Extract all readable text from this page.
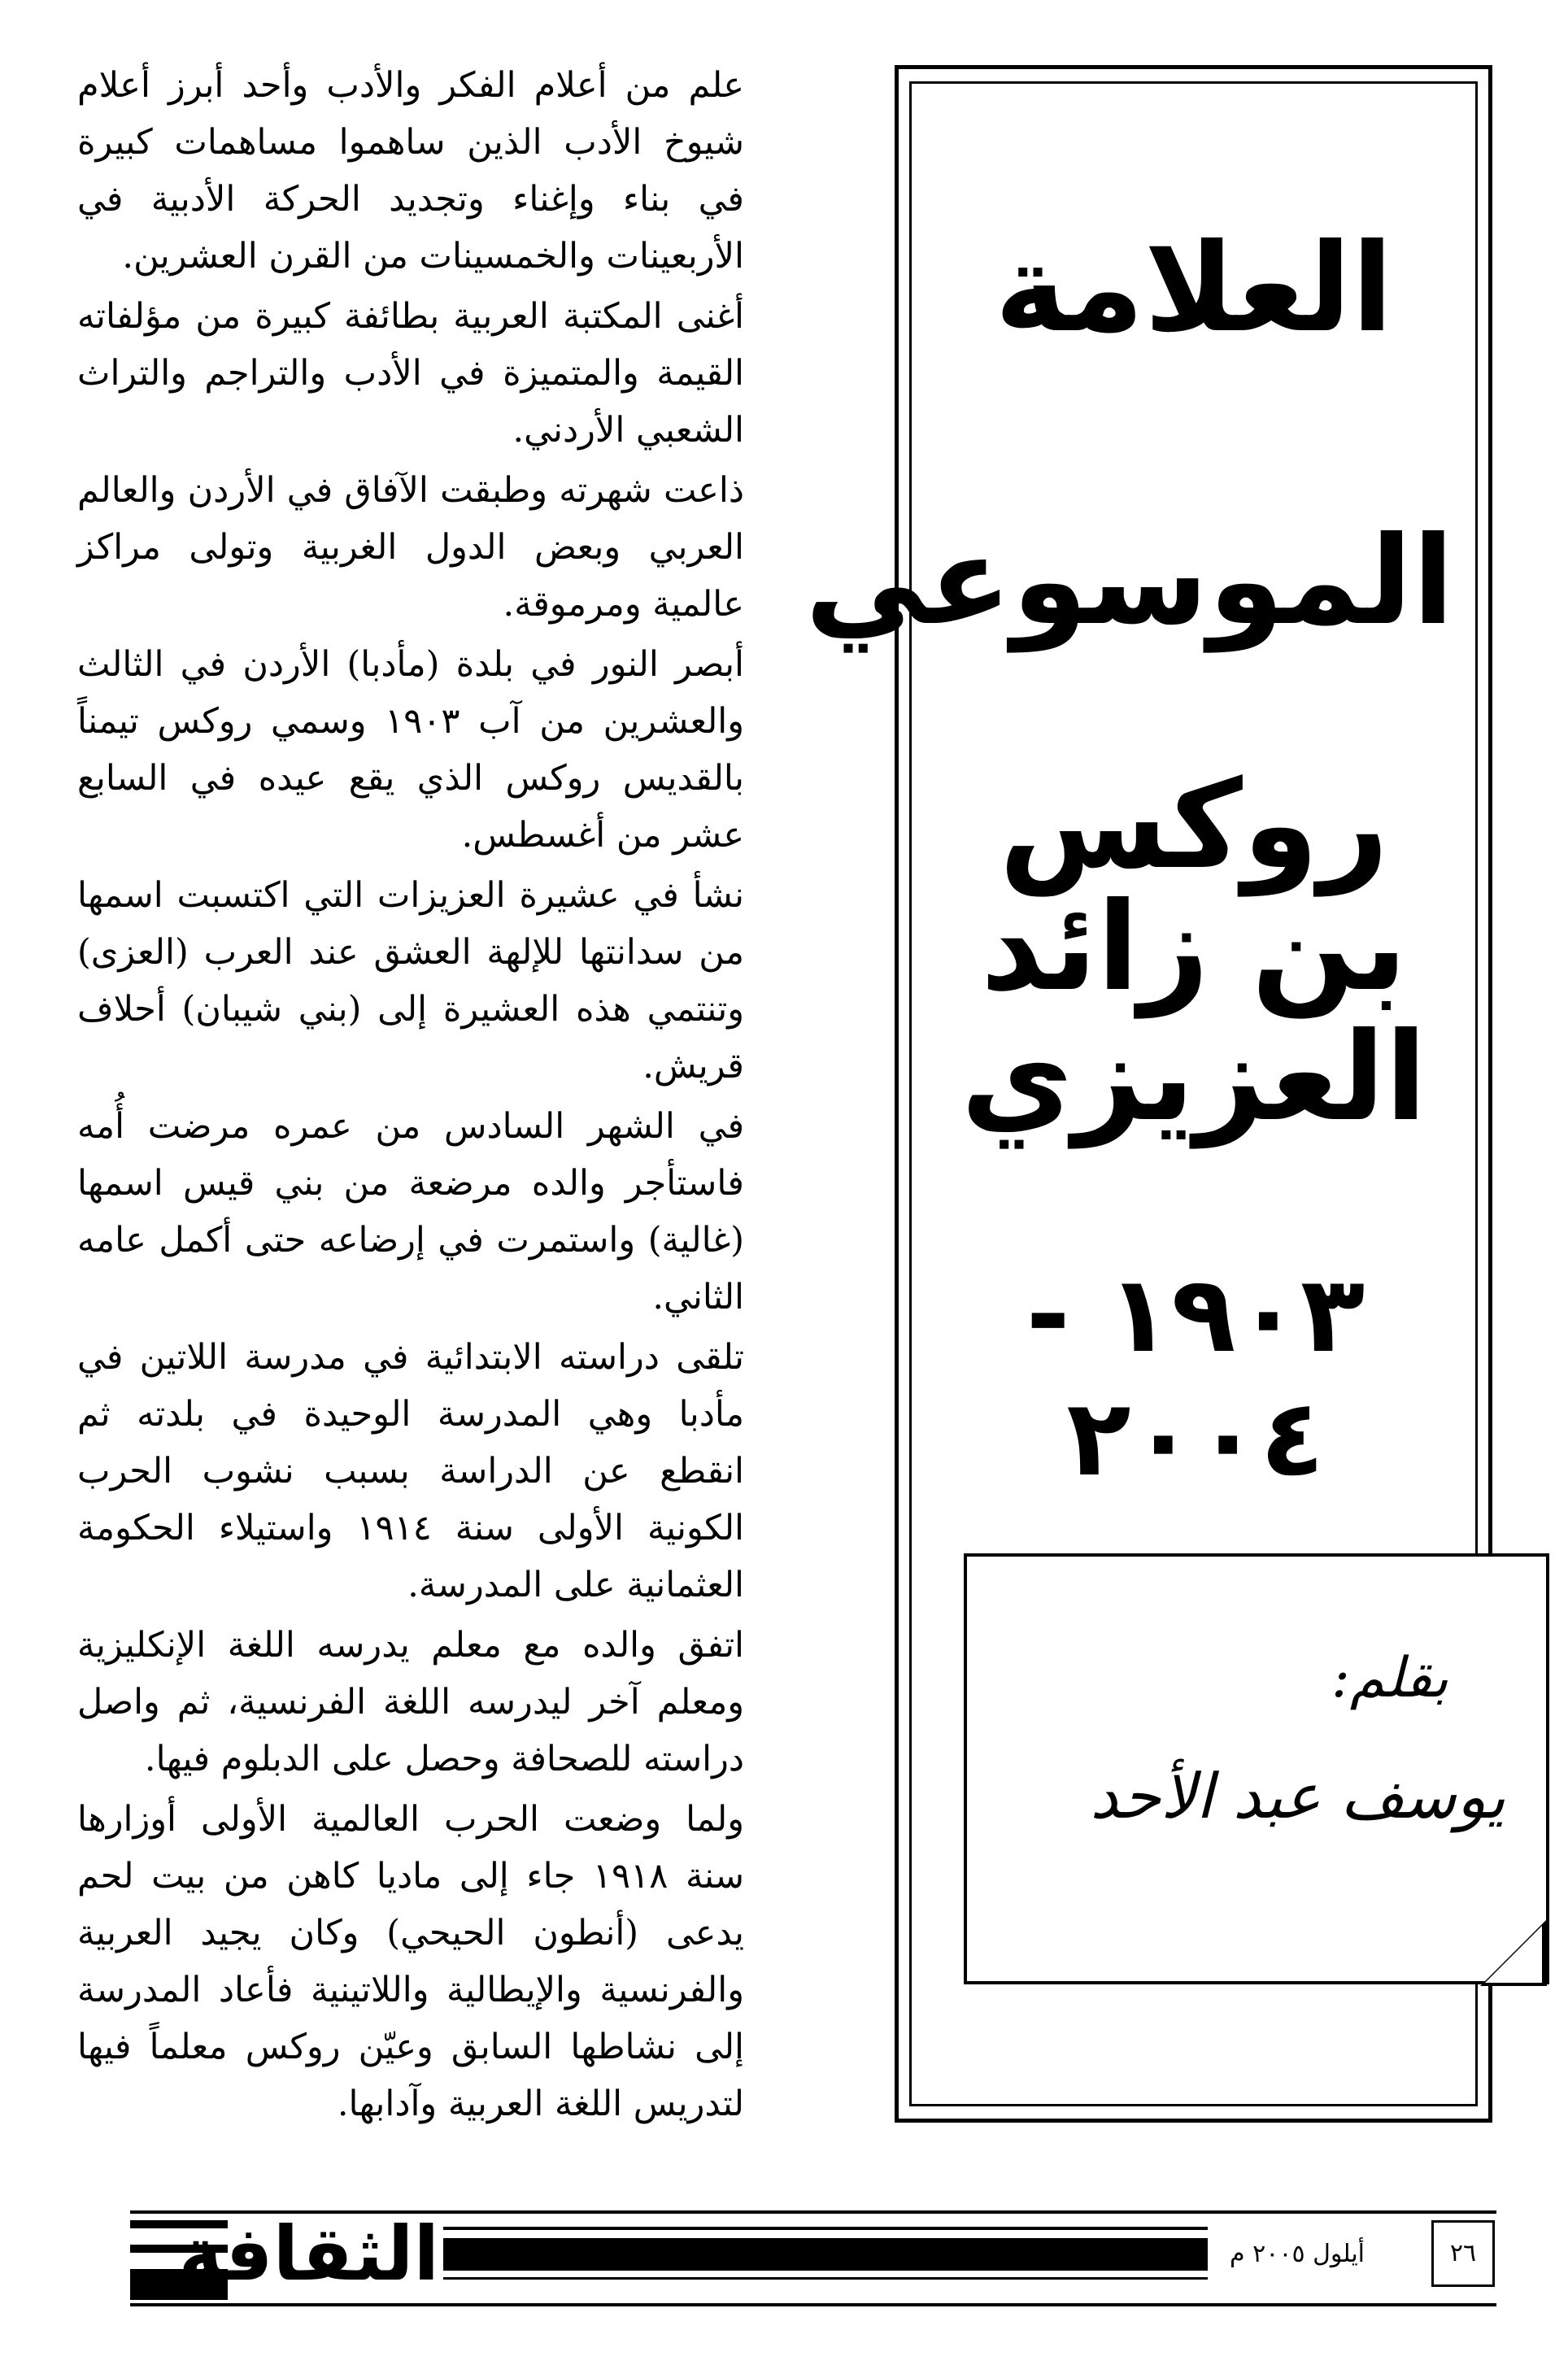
العلامة
الموسوعي
روكس بن زائد
العزيزي
١٩٠٣ - ٢٠٠٤
بقلم:
يوسف عبد الأحد

علم من أعلام الفكر والأدب وأحد أبرز أعلام شيوخ الأدب الذين ساهموا مساهمات كبيرة في بناء وإغناء وتجديد الحركة الأدبية في الأربعينات والخمسينات من القرن العشرين.

أغنى المكتبة العربية بطائفة كبيرة من مؤلفاته القيمة والمتميزة في الأدب والتراجم والتراث الشعبي الأردني.

ذاعت شهرته وطبقت الآفاق في الأردن والعالم العربي وبعض الدول الغربية وتولى مراكز عالمية ومرموقة.

أبصر النور في بلدة (مأدبا) الأردن في الثالث والعشرين من آب ١٩٠٣ وسمي روكس تيمناً بالقديس روكس الذي يقع عيده في السابع عشر من أغسطس.

نشأ في عشيرة العزيزات التي اكتسبت اسمها من سدانتها للإلهة العشق عند العرب (العزى) وتنتمي هذه العشيرة إلى (بني شيبان) أحلاف قريش.

في الشهر السادس من عمره مرضت أُمه فاستأجر والده مرضعة من بني قيس اسمها (غالية) واستمرت في إرضاعه حتى أكمل عامه الثاني.

تلقى دراسته الابتدائية في مدرسة اللاتين في مأدبا وهي المدرسة الوحيدة في بلدته ثم انقطع عن الدراسة بسبب نشوب الحرب الكونية الأولى سنة ١٩١٤ واستيلاء الحكومة العثمانية على المدرسة.

اتفق والده مع معلم يدرسه اللغة الإنكليزية ومعلم آخر ليدرسه اللغة الفرنسية، ثم واصل دراسته للصحافة وحصل على الدبلوم فيها.

ولما وضعت الحرب العالمية الأولى أوزارها سنة ١٩١٨ جاء إلى ماديا كاهن من بيت لحم يدعى (أنطون الحيحي) وكان يجيد العربية والفرنسية والإيطالية واللاتينية فأعاد المدرسة إلى نشاطها السابق وعيّن روكس معلماً فيها لتدريس اللغة العربية وآدابها.

الثقافة	أيلول ٢٠٠٥ م	٢٦
